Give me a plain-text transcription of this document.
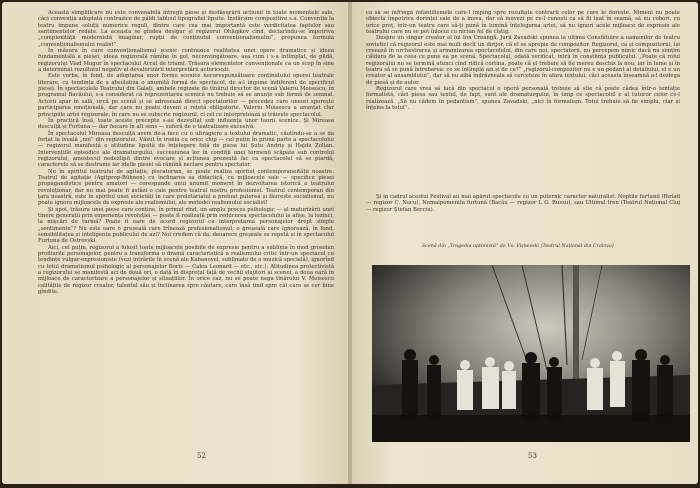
Această simplificare nu este convenabilă întregii piese și desfășurării acțiunii în toate momentele sale, căci convenția adoptată contrazice de păldi tabloul tipografiei lipsite. Însfârșire compozitive s.a. Convenția la teatru impune soluții numerice reguli, dintre care cea mai importantă este verdicitatea faptelor sau sentimentelor redate. La aceasta se gîndea desigur și regizorul Ohlopkov cînd, declarîndu-se împotriva „complexității modernistă imaginar, rupții de conținutul convenționalismului”, propunea formula „convenționalismului realist”.

În măsura în care convenționalismul scenic contrazice realitatea unei opere dramatice și ideea fundamentală a piesei, ideea regizorală rămîne în gol, neconvingătoare, așa cum i s-a întîmplat, de pildă, regizorului Vlad Mugur în spectacolul Arcul de triumf. Trăsura elementelor convenționale ca un scop în sine a determinat rezultatul negativ al devalorizării interpretării actoricești.

Este vorba, în fond, de adoptarea unor forme scenice necorespunzătoare conținutului operei teatrale literare, cu tendința de a absolutiza o anumită formă de spectacol, de a-l impune indiferent de specificul piesei. În spectacolele Teatrului din Galați, ambele regizate de tînărul director de scenă Valeriu Moisescu, în programul Bacăului, s-a considerat că reprezentarea scenică nu trebuie să se anunțe sub formă de semnal. Actorii apar în sală, urcă pe scenă și se adresează direct spectatorilor — procedeu care uneori sporește participarea emoțională, dar care nu poate deveni o rețetă obligatorie. Valeriu Moisescu a anunțat clar principiile artei regizorale, în care nu se subscrie regizorul, ci cel ce interpretează și trăiește spectacolul.

În practică însă, toate aceste precepte s-au dezvoltat sub influența unor teorii scenice. Și Mireasa desculță și Furtuna — dar fiecare în alt sens — suferă de o teatralizare excesivă.

În spectacolul Mireasa desculță avem de-a face cu o ultragiere a textului dramatic, căutîndu-se a se da forțat la iveală „noi” din regizorului. Văzut în ironia cu orice chip — cel puțin în prima parte a spectacolului — regizorul manifestă o atitudine lipsită de înțelegere față de piesa lui Șutu Andriș și Hajdu Zoltan. Intervențiile episodice ale dramaturgului, succesiunea lor în condiții unei termenii scăpate sub controlul regizorului, amestecul nedezlipit dintre evocare și acțiunea prezentă fac ca spectacolul să se piardă, caracterele să se destrame iar ideile piesei să rămînă neclare pentru spectator.

Nu în spiritul teatrului de agitație, piscatorian, se poate realiza spiritul contemporaneității noastre. Teatrul de agitație (Agitprop-Bühnen) cu înclinarea sa didactică, cu mijloacele sale — specifice piesei propagandistice pentru amatori — corespunde unui anumit moment în dezvoltarea istorică a teatrului revoluționar, dar nu mai poate fi astăzi o cale pentru teatrul nostru profesionist. Teatrul contemporan din țara noastră, este în spiritul unei societăți în care proletariatul a preluat puterea și făurește socialismul, nu poate ignora mijloacele de expresie ale realismului, ale metodei realismului socialist!

Și apoi, trăsura unei piese care conține, în primul rînd, un amplu proces psihologic — al maturizării unei tinere generații prin experiența revoluției — poate fi realizată prin reducerea spectacolului la afișe, la lozinci, la mișcări de turmă? Poate fi oare de acord regizorul cu interpretarea personajelor drept simple „sentimente”? Nu este oare o greșeală care frînează profesionalismul, o greșeală care ignorează, în fond, sensibilitatea și inteligența publicului de azi? Noi credem că da, deoarece greșeala se repetă și în spectacolul Furtuna de Ostrovski.

Aici, cel puțin, regizorul a folosit toate mijloacele posibile de expresie pentru a sublinia în mod grosolan profilurile personajelor, pentru a transforma o dramă caracteristică a realismului critic într-un spectacol cu tendințe vulgar-expresioniste (vezi intrările în scenă ale Kabanovei, sublimate de o muzică specială), ignorînd cu totul dramatismul psihologic al personajelor Boris — Calea Leonard — etc., etc.). Atitudinea protectivistă a regizorului se manifestă aci de două ori, o dată în disprețul față de vechii slujitori ai scenei, a doua oară în mijloace de caracterizare a personajelor și situațiilor. În orice caz, nu se poate nega tînărului V. Moisescu calitățile de regizor creator, talentul său și înclinarea spre căutare, care însă tind spre căi care se cer bine gîndite.

52

ca să se înfrîngă înfantilismele care-l împing spre rezultate contrarii celor pe care le dorește. Nimeni nu poate obiecta împotriva dorinței sale de a inova, dar să inovezi pe ce-l cunoști ca să fii luat în seamă, să nu cobori, cu orice preț, într-un teatru care să-ți pună în lumină înțelegerea artei, să nu ignori acele mijloace de expresie ale teatrului care nu se pot înlocui cu niciun fel de cîștig.

Despre un singur creator al lui Ion Creangă, Jurii Zavadski spunea la ultima Consfătuire a oamenilor de teatru sovietici că regizorul este mai mult decît un dirijor, că el se apropie de compozitor. Regizorul, ca și compozitorul, își creează în orchestrarea și armonizarea spectacolului, din care noi, spectatorii, nu percepem nimic dacă nu simțim căldura de la ceea ce pune ea pe scenă. Spectacolul, odată verificat, intră în conștiința publicului. „Poate că rolul regizorului nu se termină atunci cînd ridică cortina, poate că el trebuie să fie mereu deschis la nou, iar în lume și în teatru să se pună întrebarea: ce se întîmplă azi și de ce?” „regizorul-compozitor nu e un pedant al detaliului, el e un creator al ansamblului”, dar să nu aibă îndrăzneala să cerceteze în afara textului, căci aceasta înseamnă a-l dezlega de piesă și de autor.

Regizorul care vrea să facă din spectacol o operă personală trebuie să știe că poate cădea într-o tentație formalistă, căci piesa sau textul, de fapt, sunt ale dramaturgului, în timp ce spectacolul e al tuturor celor ce-l realizează. „Să nu cădem în pedantism”, spunea Zavadski, „nici în formalism. Totul trebuie să fie simplu, clar și înțeles la totul”.

Și în cadrul acestui Festival au mai apărut spectacole cu un puternic caracter naturalist. Noptile furtunii (Bîrlad — regizor C. Nacu), Nemaipomenita furtună (Bacău — regizor I. G. Russu), sau Ultimul tren (Teatrul Național Cluj — regizor Ștefan Berciu).

Scenă din „Tragedia optimistă” de Vs. Vișnevski (Teatrul Național din Craiova)
53
